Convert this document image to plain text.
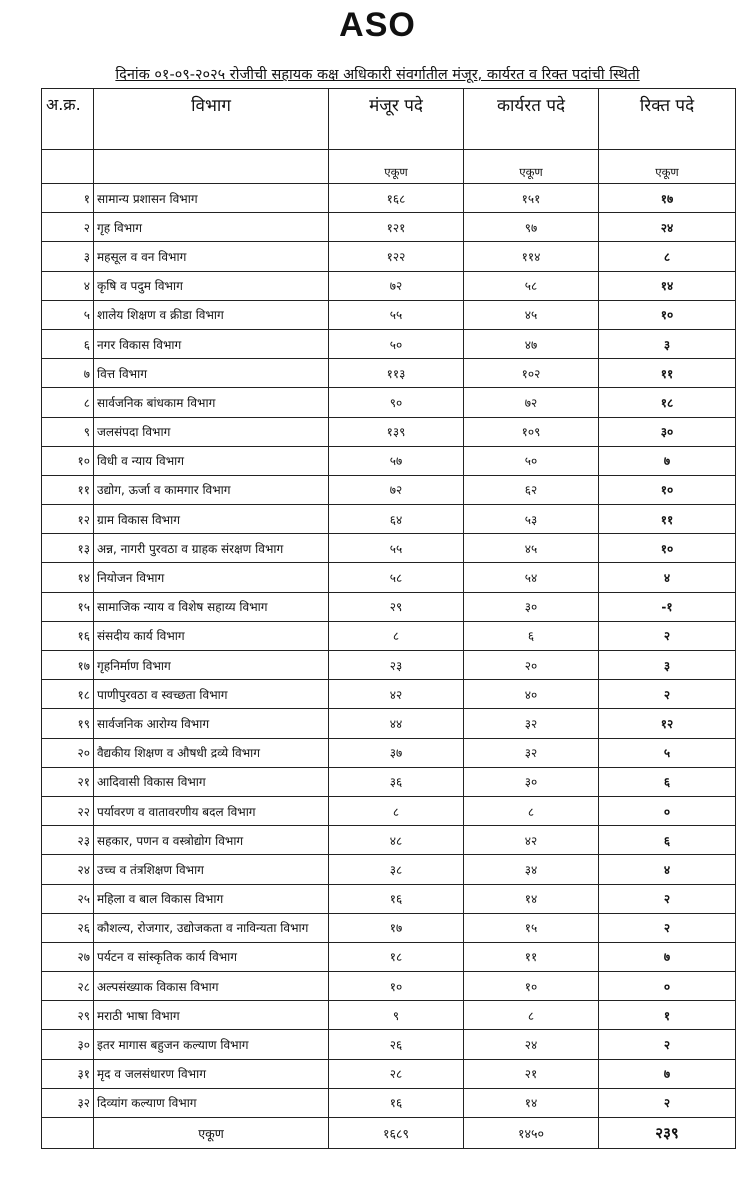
ASO
दिनांक ०१-०९-२०२५ रोजीची सहायक कक्ष अधिकारी संवर्गातील मंजूर, कार्यरत व रिक्त पदांची स्थिती
अ.क्र.	विभाग	मंजूर पदे	कार्यरत पदे	रिक्त पदे
		एकूण	एकूण	एकूण
१	सामान्य प्रशासन विभाग	१६८	१५१	१७
२	गृह विभाग	१२१	९७	२४
३	महसूल व वन विभाग	१२२	११४	८
४	कृषि व पदुम विभाग	७२	५८	१४
५	शालेय शिक्षण व क्रीडा विभाग	५५	४५	१०
६	नगर विकास विभाग	५०	४७	३
७	वित्त विभाग	११३	१०२	११
८	सार्वजनिक बांधकाम विभाग	९०	७२	१८
९	जलसंपदा विभाग	१३९	१०९	३०
१०	विधी व न्याय विभाग	५७	५०	७
११	उद्योग, ऊर्जा व कामगार विभाग	७२	६२	१०
१२	ग्राम विकास विभाग	६४	५३	११
१३	अन्न, नागरी पुरवठा व ग्राहक संरक्षण विभाग	५५	४५	१०
१४	नियोजन विभाग	५८	५४	४
१५	सामाजिक न्याय व विशेष सहाय्य विभाग	२९	३०	-१
१६	संसदीय कार्य विभाग	८	६	२
१७	गृहनिर्माण विभाग	२३	२०	३
१८	पाणीपुरवठा व स्वच्छता विभाग	४२	४०	२
१९	सार्वजनिक आरोग्य विभाग	४४	३२	१२
२०	वैद्यकीय शिक्षण व औषधी द्रव्ये विभाग	३७	३२	५
२१	आदिवासी विकास विभाग	३६	३०	६
२२	पर्यावरण व वातावरणीय बदल विभाग	८	८	०
२३	सहकार, पणन व वस्त्रोद्योग विभाग	४८	४२	६
२४	उच्च व तंत्रशिक्षण विभाग	३८	३४	४
२५	महिला व बाल विकास विभाग	१६	१४	२
२६	कौशल्य, रोजगार, उद्योजकता व नाविन्यता विभाग	१७	१५	२
२७	पर्यटन व सांस्कृतिक कार्य विभाग	१८	११	७
२८	अल्पसंख्याक विकास विभाग	१०	१०	०
२९	मराठी भाषा विभाग	९	८	१
३०	इतर मागास बहुजन कल्याण विभाग	२६	२४	२
३१	मृद व जलसंधारण विभाग	२८	२१	७
३२	दिव्यांग कल्याण विभाग	१६	१४	२
	एकूण	१६८९	१४५०	२३९
